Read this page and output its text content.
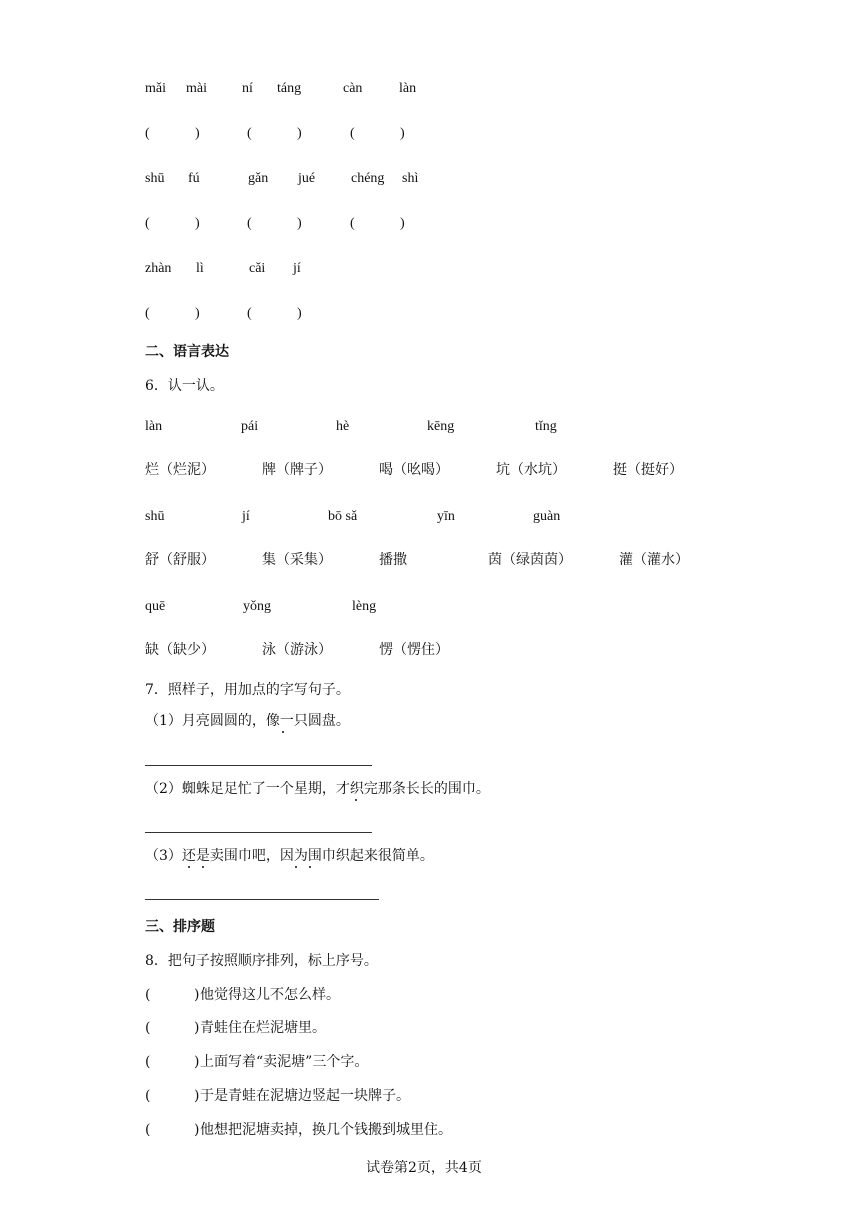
mǎi mài	ní táng	càn	làn
(	)	(	)	(	)
shū fú	gǎn jué	chéng shì
(	)	(	)	(	)
zhàn lì	cǎi jí
(	)	(	)
二、语言表达
6．认一认。
làn	pái	hè	kēng	tǐng
烂（烂泥）	牌（牌子）	喝（吆喝）	坑（水坑）	挺（挺好）
shū	jí	bō sǎ	yīn	guàn
舒（舒服）	集（采集）	播撒	茵（绿茵茵）	灌（灌水）
quē	yǒng	lèng
缺（缺少）	泳（游泳）	愣（愣住）
7．照样子，用加点的字写句子。
（1）月亮圆圆的，像一只圆盘。
（2）蜘蛛足足忙了一个星期，才织完那条长长的围巾。
（3）还是卖围巾吧，因为围巾织起来很简单。
三、排序题
8．把句子按照顺序排列，标上序号。
(	) 他觉得这儿不怎么样。
(	) 青蛙住在烂泥塘里。
(	) 上面写着“卖泥塘”三个字。
(	) 于是青蛙在泥塘边竖起一块牌子。
(	) 他想把泥塘卖掉，换几个钱搬到城里住。
试卷第2页，共4页
